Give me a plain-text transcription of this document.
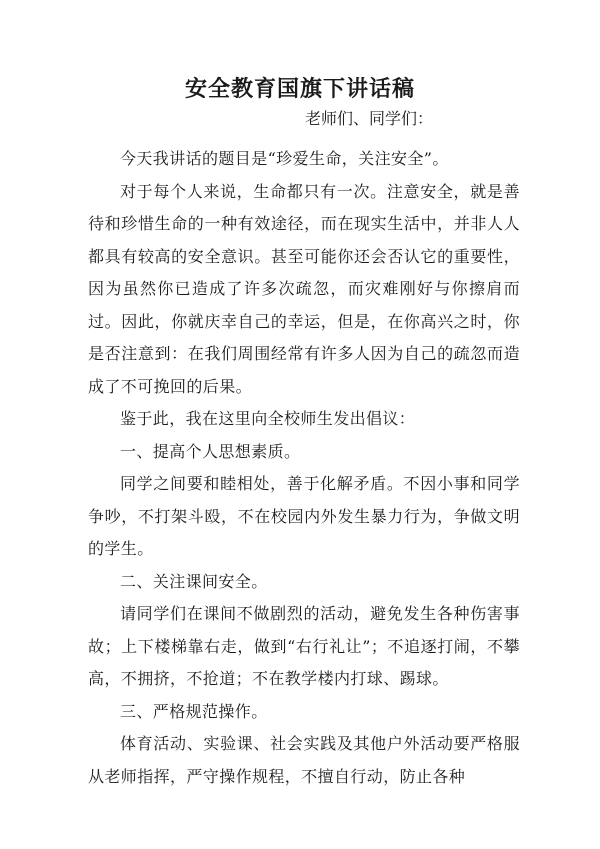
安全教育国旗下讲话稿
老师们、同学们：

今天我讲话的题目是“珍爱生命，关注安全”。

对于每个人来说，生命都只有一次。注意安全，就是善待和珍惜生命的一种有效途径，而在现实生活中，并非人人都具有较高的安全意识。甚至可能你还会否认它的重要性，因为虽然你已造成了许多次疏忽，而灾难刚好与你擦肩而过。因此，你就庆幸自己的幸运，但是，在你高兴之时，你是否注意到：在我们周围经常有许多人因为自己的疏忽而造成了不可挽回的后果。

鉴于此，我在这里向全校师生发出倡议：

一、提高个人思想素质。

同学之间要和睦相处，善于化解矛盾。不因小事和同学争吵，不打架斗殴，不在校园内外发生暴力行为，争做文明的学生。

二、关注课间安全。

请同学们在课间不做剧烈的活动，避免发生各种伤害事故；上下楼梯靠右走，做到“右行礼让”；不追逐打闹，不攀高，不拥挤，不抢道；不在教学楼内打球、踢球。

三、严格规范操作。

体育活动、实验课、社会实践及其他户外活动要严格服从老师指挥，严守操作规程，不擅自行动，防止各种
